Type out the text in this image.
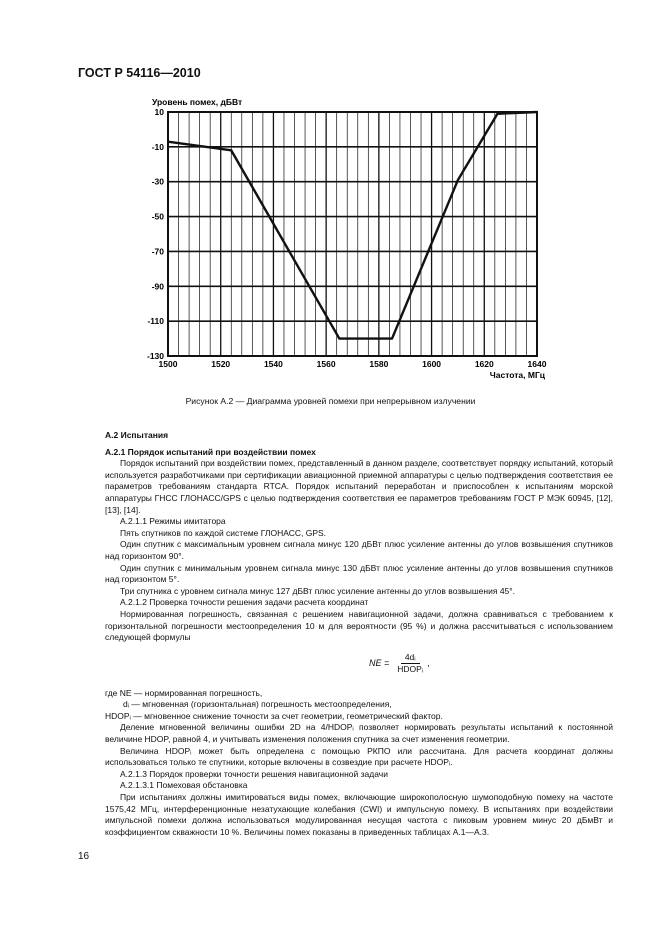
ГОСТ Р 54116—2010
10
-10
-30
-50
-70
-90
-110
-130
1500	1520	1540	1560	1580	1600	1620	1640
Уровень помех, дБВт
Частота, МГц
Рисунок А.2 — Диаграмма уровней помехи при непрерывном излучении

А.2 Испытания

А.2.1 Порядок испытаний при воздействии помех

Порядок испытаний при воздействии помех, представленный в данном разделе, соответствует порядку испытаний, который используется разработчиками при сертификации авиационной приемной аппаратуры с целью подтверждения соответствия ее параметров требованиям стандарта RTCA. Порядок испытаний переработан и приспособлен к испытаниям морской аппаратуры ГНСС ГЛОНАСС/GPS с целью подтверждения соответствия ее параметров требованиям ГОСТ Р МЭК 60945, [12], [13], [14].

А.2.1.1 Режимы имитатора

Пять спутников по каждой системе ГЛОНАСС, GPS.

Один спутник с максимальным уровнем сигнала минус 120 дБВт плюс усиление антенны до углов возвышения спутников над горизонтом 90°.

Один спутник с минимальным уровнем сигнала минус 130 дБВт плюс усиление антенны до углов возвышения спутников над горизонтом 5°.

Три спутника с уровнем сигнала минус 127 дБВт плюс усиление антенны до углов возвышения 45°.

А.2.1.2 Проверка точности решения задачи расчета координат

Нормированная погрешность, связанная с решением навигационной задачи, должна сравниваться с требованием к горизонтальной погрешности местоопределения 10 м для вероятности (95 %) и должна рассчитываться с использованием следующей формулы

NE = $\frac{\text{4dᵢ}}{\text{HDOPᵢ}}$ ,

где NE — нормированная погрешность,

dᵢ — мгновенная (горизонтальная) погрешность местоопределения,

HDOPᵢ — мгновенное снижение точности за счет геометрии, геометрический фактор.

Деление мгновенной величины ошибки 2D на 4/HDOPᵢ позволяет нормировать результаты испытаний к постоянной величине HDOP, равной 4, и учитывать изменения положения спутника за счет изменения геометрии.

Величина HDOPᵢ может быть определена с помощью РКПО или рассчитана. Для расчета координат должны использоваться только те спутники, которые включены в созвездие при расчете HDOPᵢ.

А.2.1.3 Порядок проверки точности решения навигационной задачи

А.2.1.3.1 Помеховая обстановка

При испытаниях должны имитироваться виды помех, включающие широкополосную шумоподобную помеху на частоте 1575,42 МГц, интерференционные незатухающие колебания (CWI) и импульсную помеху. В испытаниях при воздействии импульсной помехи должна использоваться модулированная несущая частота с пиковым уровнем минус 20 дБмВт и коэффициентом скважности 10 %. Величины помех показаны в приведенных таблицах А.1—А.3.

16
